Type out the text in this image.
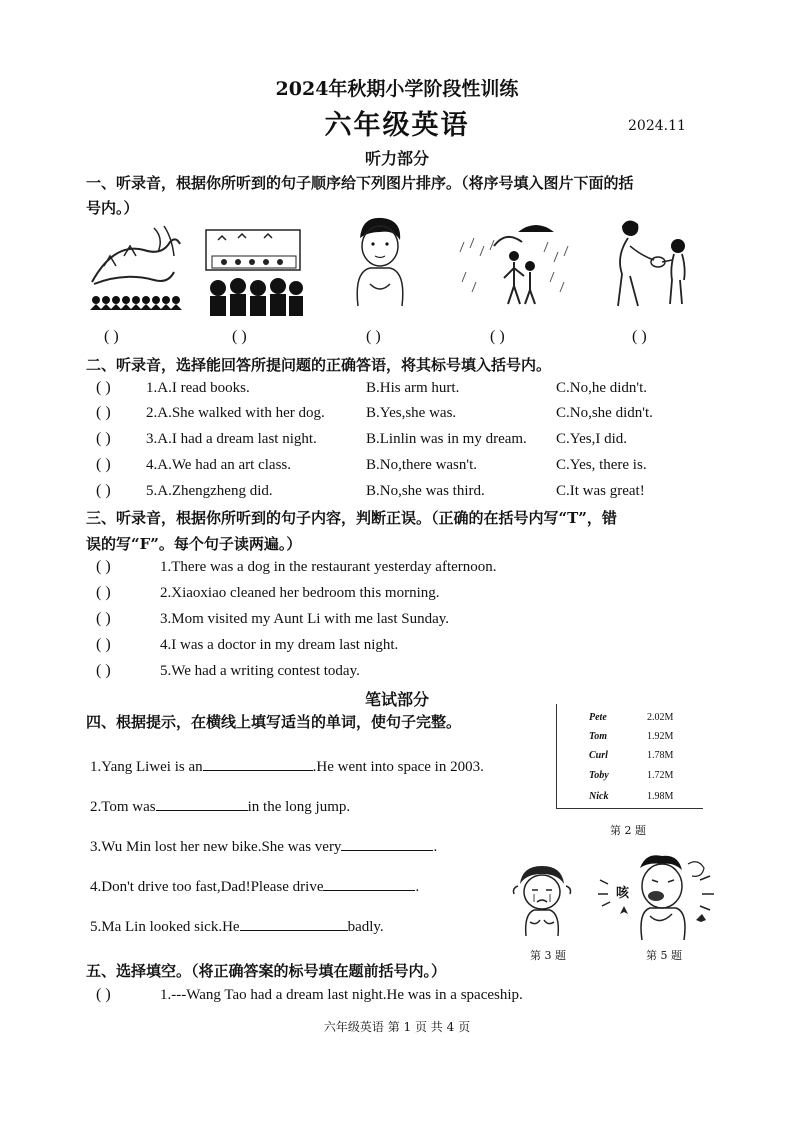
2024年秋期小学阶段性训练
六年级英语	2024.11
听力部分
一、听录音，根据你所听到的句子顺序给下列图片排序。（将序号填入图片下面的括
号内。）
( )	( )	( )	( )	( )
二、听录音，选择能回答所提问题的正确答语，将其标号填入括号内。
( ) 1.A.I read books.	B.His arm hurt.	C.No,he didn't.
( ) 2.A.She walked with her dog.	B.Yes,she was.	C.No,she didn't.
( ) 3.A.I had a dream last night.	B.Linlin was in my dream. C.Yes,I did.
( ) 4.A.We had an art class.	B.No,there wasn't.	C.Yes, there is.
( ) 5.A.Zhengzheng did.	B.No,she was third.	C.It was great!
三、听录音，根据你所听到的句子内容，判断正误。（正确的在括号内写“T”，错
误的写“F”。每个句子读两遍。）
( )	1.There was a dog in the restaurant yesterday afternoon.
( )	2.Xiaoxiao cleaned her bedroom this morning.
( )	3.Mom visited my Aunt Li with me last Sunday.
( )	4.I was a doctor in my dream last night.
( )	5.We had a writing contest today.
笔试部分
四、根据提示，在横线上填写适当的单词，使句子完整。
1.Yang Liwei is an	.He went into space in 2003.
2.Tom was	in the long jump.
3.Wu Min lost her new bike.She was very	.
4.Don't drive too fast,Dad!Please drive	.
5.Ma Lin looked sick.He	badly.
Pete	2.02M
Tom	1.92M
Curl	1.78M
Toby	1.72M
Nick	1.98M
第 2 题
第 3 题
咳
第 5 题
五、选择填空。（将正确答案的标号填在题前括号内。）
( )	1.---Wang Tao had a dream last night.He was in a spaceship.
六年级英语 第 1 页 共 4 页
